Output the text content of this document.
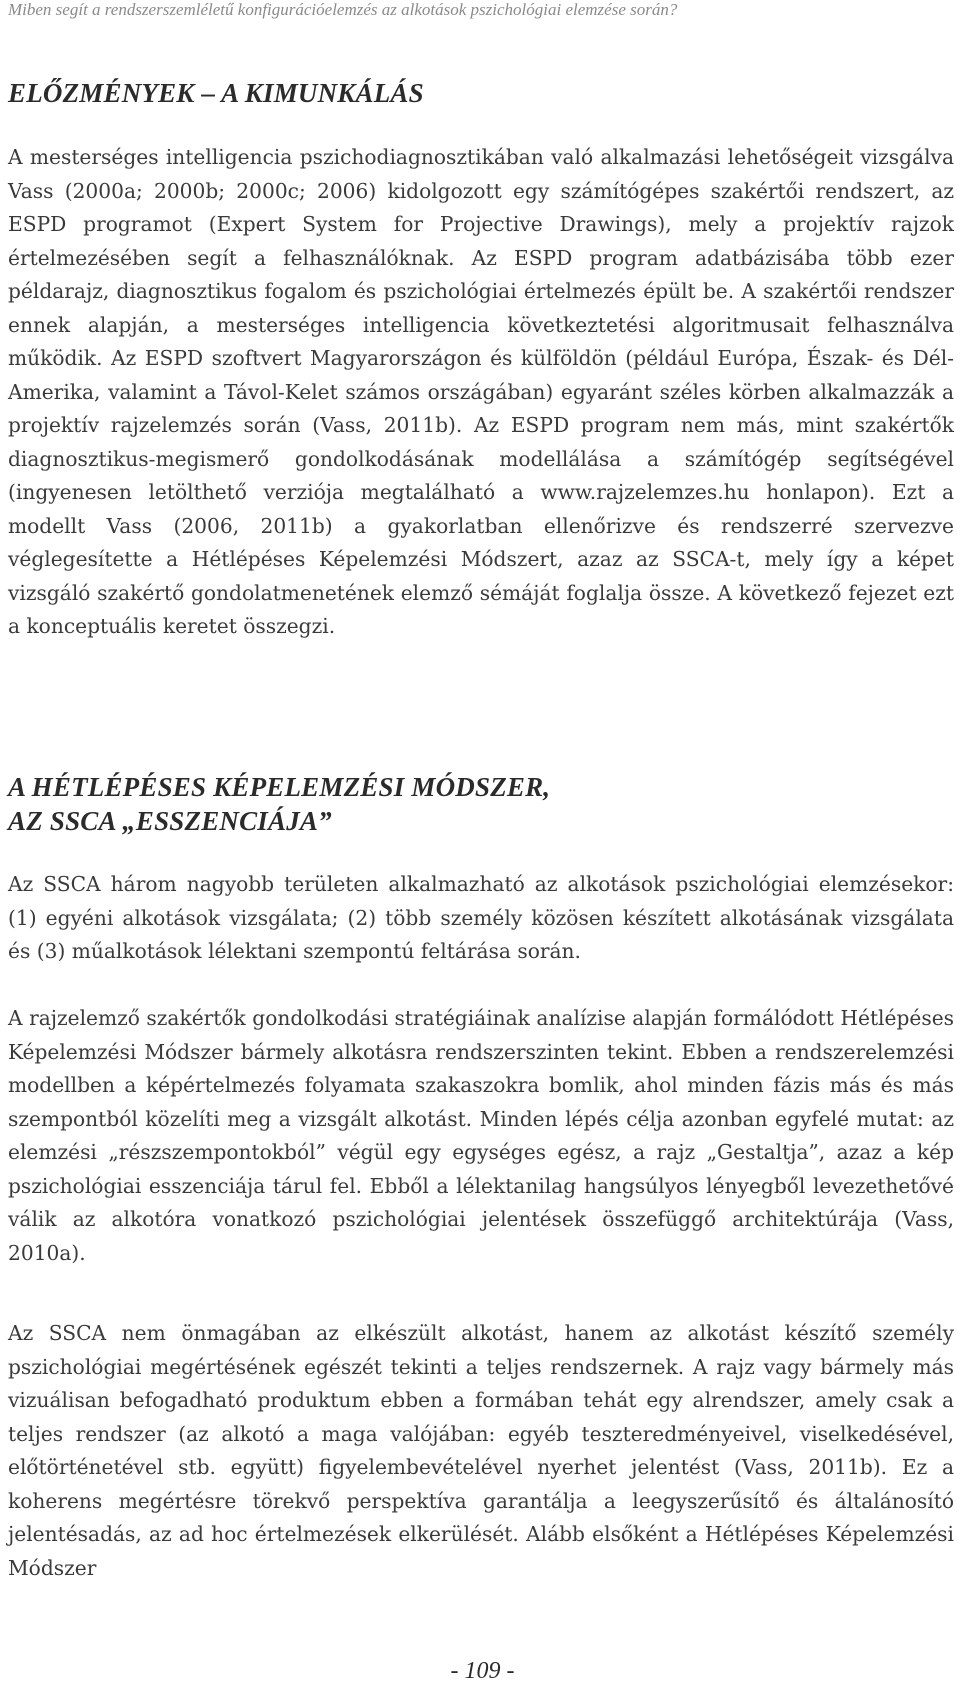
Miben segít a rendszerszemléletű konfigurációelemzés az alkotások pszichológiai elemzése során?
ELŐZMÉNYEK – A KIMUNKÁLÁS

A mesterséges intelligencia pszichodiagnosztikában való alkalmazási lehetőségeit vizsgálva Vass (2000a; 2000b; 2000c; 2006) kidolgozott egy számítógépes szakértői rendszert, az ESPD programot (Expert System for Projective Drawings), mely a projektív rajzok értelmezésében segít a felhasználóknak. Az ESPD program adatbázisába több ezer példarajz, diagnosztikus fogalom és pszichológiai értelmezés épült be. A szakértői rendszer ennek alapján, a mesterséges intelligencia következtetési algoritmusait felhasználva működik. Az ESPD szoftvert Magyarországon és külföldön (például Európa, Észak- és Dél-Amerika, valamint a Távol-Kelet számos országában) egyaránt széles körben alkalmazzák a projektív rajzelemzés során (Vass, 2011b). Az ESPD program nem más, mint szakértők diagnosztikus-megismerő gondolkodásának modellálása a számítógép segítségével (ingyenesen letölthető verziója megtalálható a www.rajzelemzes.hu honlapon). Ezt a modellt Vass (2006, 2011b) a gyakorlatban ellenőrizve és rendszerré szervezve véglegesítette a Hétlépéses Képelemzési Módszert, azaz az SSCA-t, mely így a képet vizsgáló szakértő gondolatmenetének elemző sémáját foglalja össze. A következő fejezet ezt a konceptuális keretet összegzi.

A HÉTLÉPÉSES KÉPELEMZÉSI MÓDSZER,
AZ SSCA „ESSZENCIÁJA”

Az SSCA három nagyobb területen alkalmazható az alkotások pszichológiai elemzésekor: (1) egyéni alkotások vizsgálata; (2) több személy közösen készített alkotásának vizsgálata és (3) műalkotások lélektani szempontú feltárása során.

A rajzelemző szakértők gondolkodási stratégiáinak analízise alapján formálódott Hétlépéses Képelemzési Módszer bármely alkotásra rendszerszinten tekint. Ebben a rendszerelemzési modellben a képértelmezés folyamata szakaszokra bomlik, ahol minden fázis más és más szempontból közelíti meg a vizsgált alkotást. Minden lépés célja azonban egyfelé mutat: az elemzési „részszempontokból” végül egy egységes egész, a rajz „Gestaltja”, azaz a kép pszichológiai esszenciája tárul fel. Ebből a lélektanilag hangsúlyos lényegből levezethetővé válik az alkotóra vonatkozó pszichológiai jelentések összefüggő architektúrája (Vass, 2010a).

Az SSCA nem önmagában az elkészült alkotást, hanem az alkotást készítő személy pszichológiai megértésének egészét tekinti a teljes rendszernek. A rajz vagy bármely más vizuálisan befogadható produktum ebben a formában tehát egy alrendszer, amely csak a teljes rendszer (az alkotó a maga valójában: egyéb teszteredményeivel, viselkedésével, előtörténetével stb. együtt) figyelembevételével nyerhet jelentést (Vass, 2011b). Ez a koherens megértésre törekvő perspektíva garantálja a leegyszerűsítő és általánosító jelentésadás, az ad hoc értelmezések elkerülését. Alább elsőként a Hétlépéses Képelemzési Módszer

- 109 -
